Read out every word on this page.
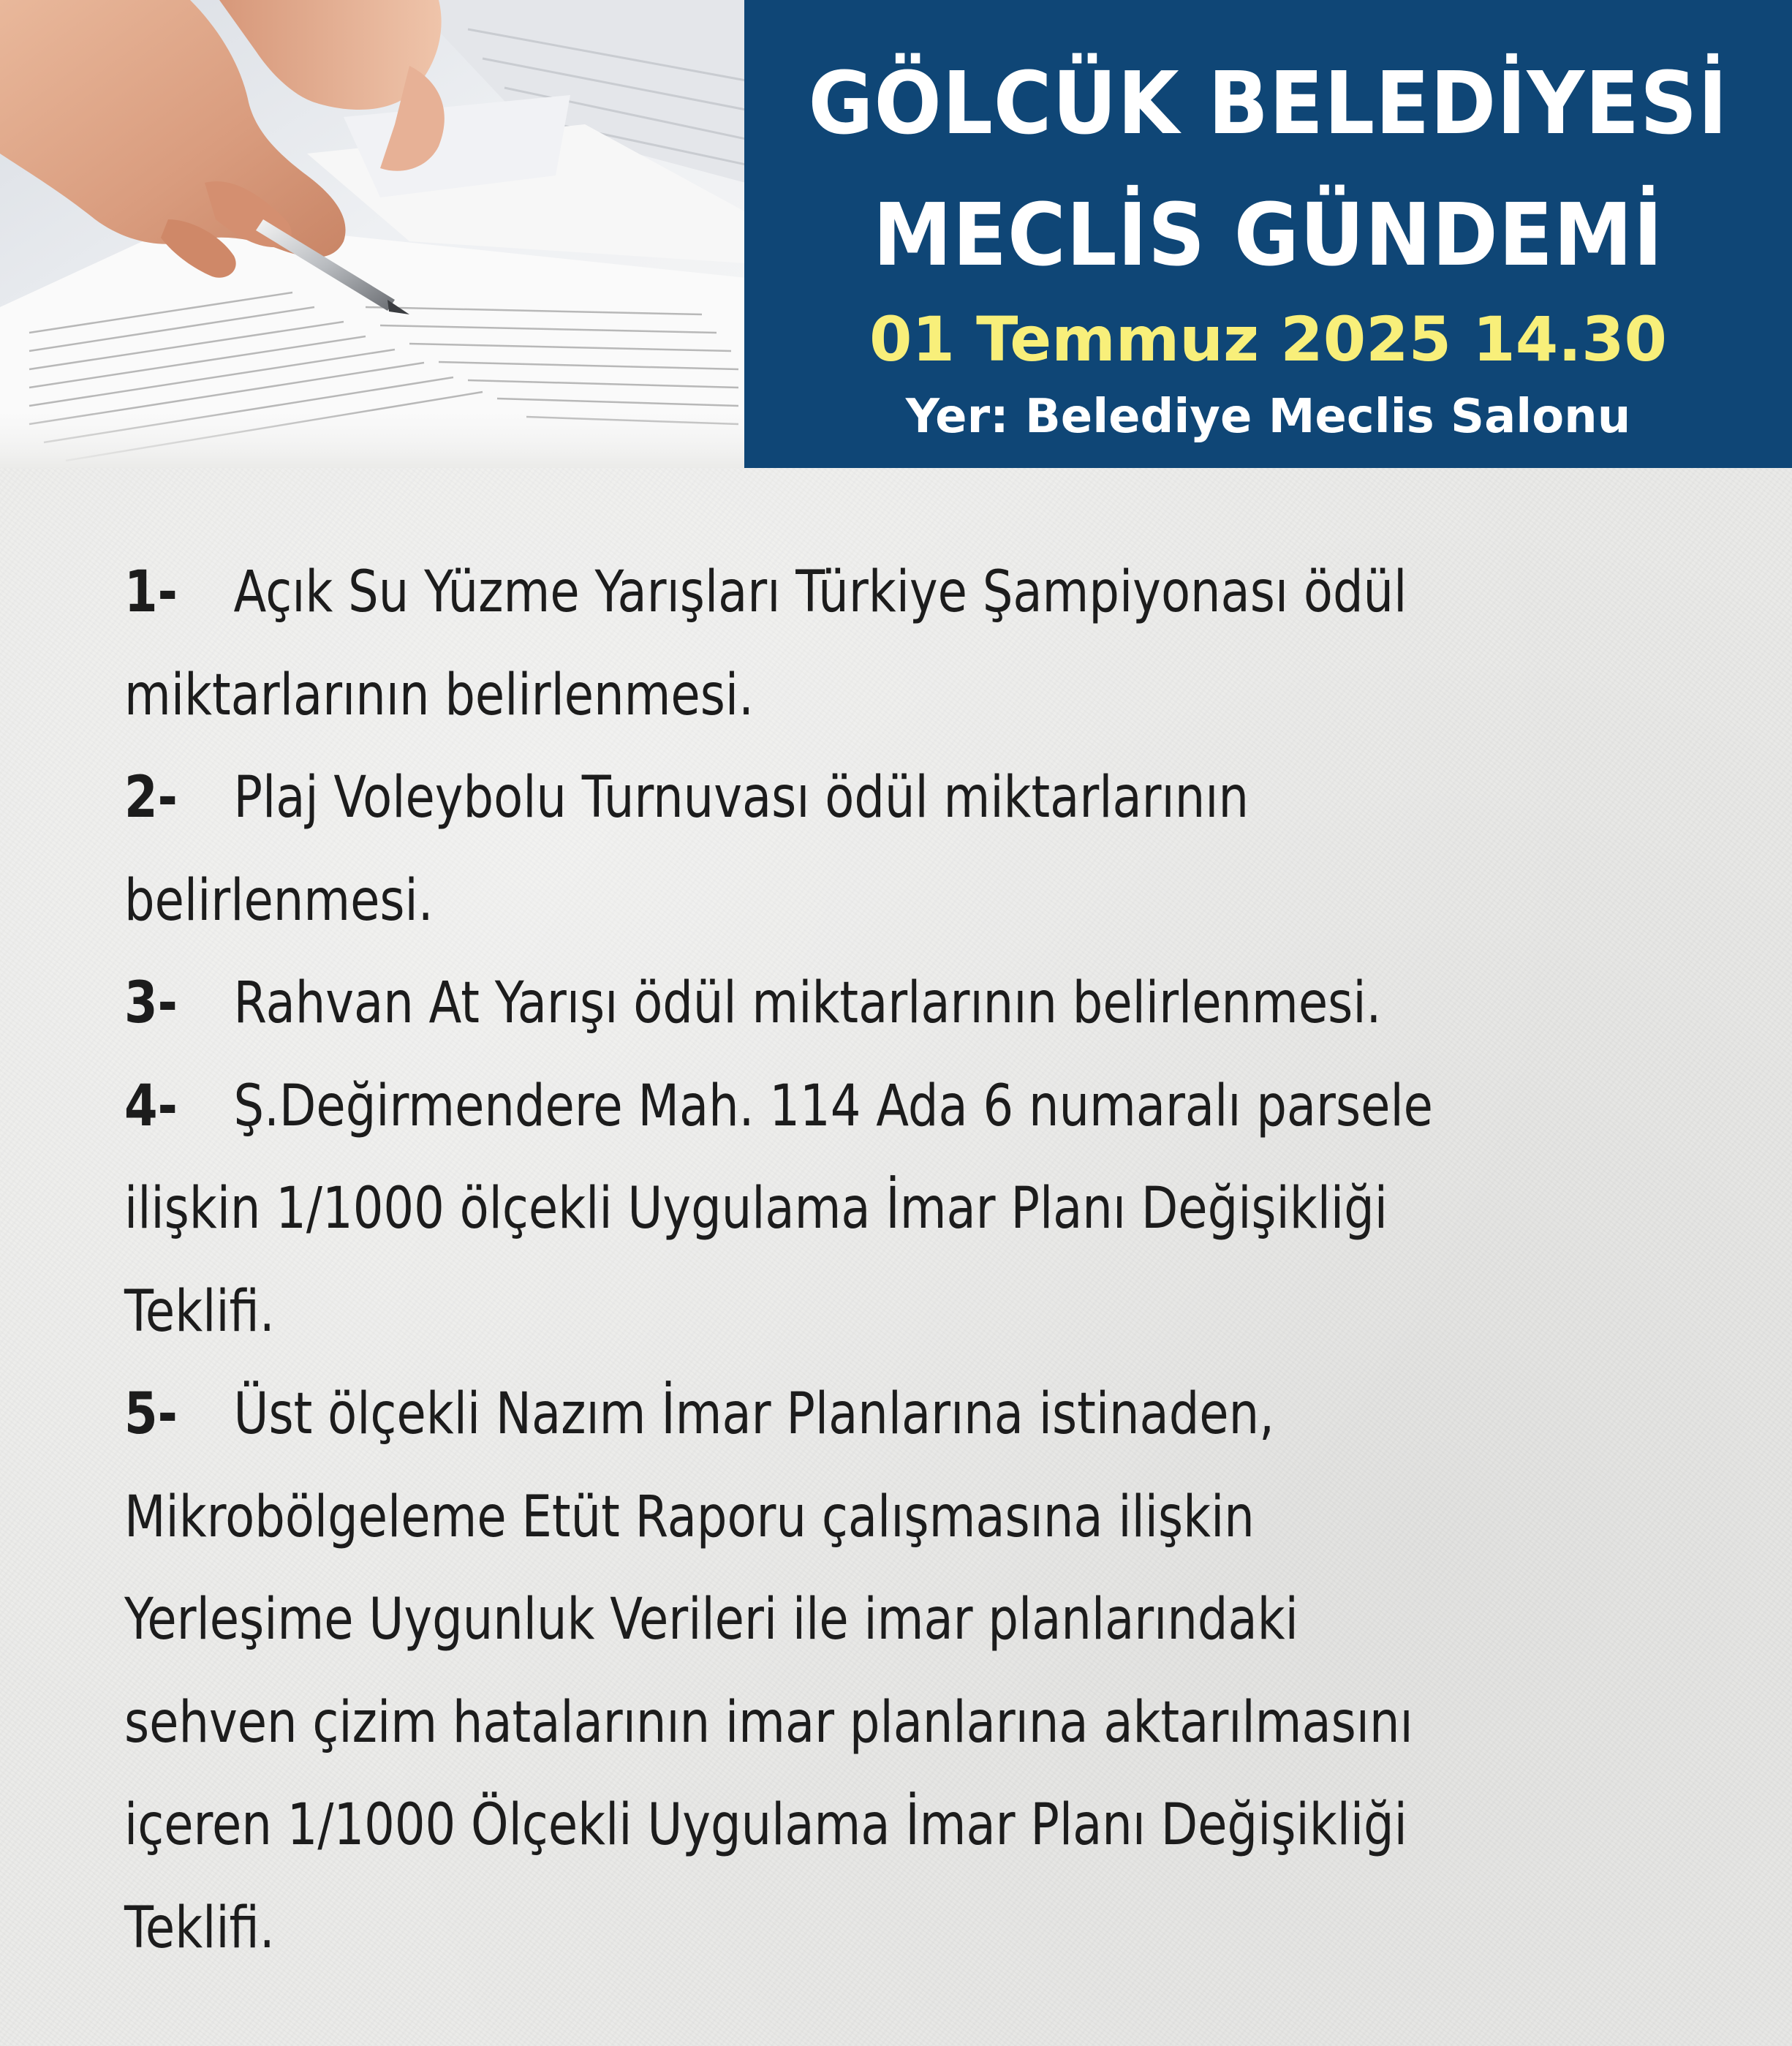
GÖLCÜK BELEDİYESİ
MECLİS GÜNDEMİ
01 Temmuz 2025 14.30
Yer: Belediye Meclis Salonu

1- Açık Su Yüzme Yarışları Türkiye Şampiyonası ödül miktarlarının belirlenmesi.

2- Plaj Voleybolu Turnuvası ödül miktarlarının belirlenmesi.

3- Rahvan At Yarışı ödül miktarlarının belirlenmesi.

4- Ş.Değirmendere Mah. 114 Ada 6 numaralı parsele ilişkin 1/1000 ölçekli Uygulama İmar Planı Değişikliği Teklifi.

5- Üst ölçekli Nazım İmar Planlarına istinaden, Mikrobölgeleme Etüt Raporu çalışmasına ilişkin Yerleşime Uygunluk Verileri ile imar planlarındaki sehven çizim hatalarının imar planlarına aktarılmasını içeren 1/1000 Ölçekli Uygulama İmar Planı Değişikliği Teklifi.
